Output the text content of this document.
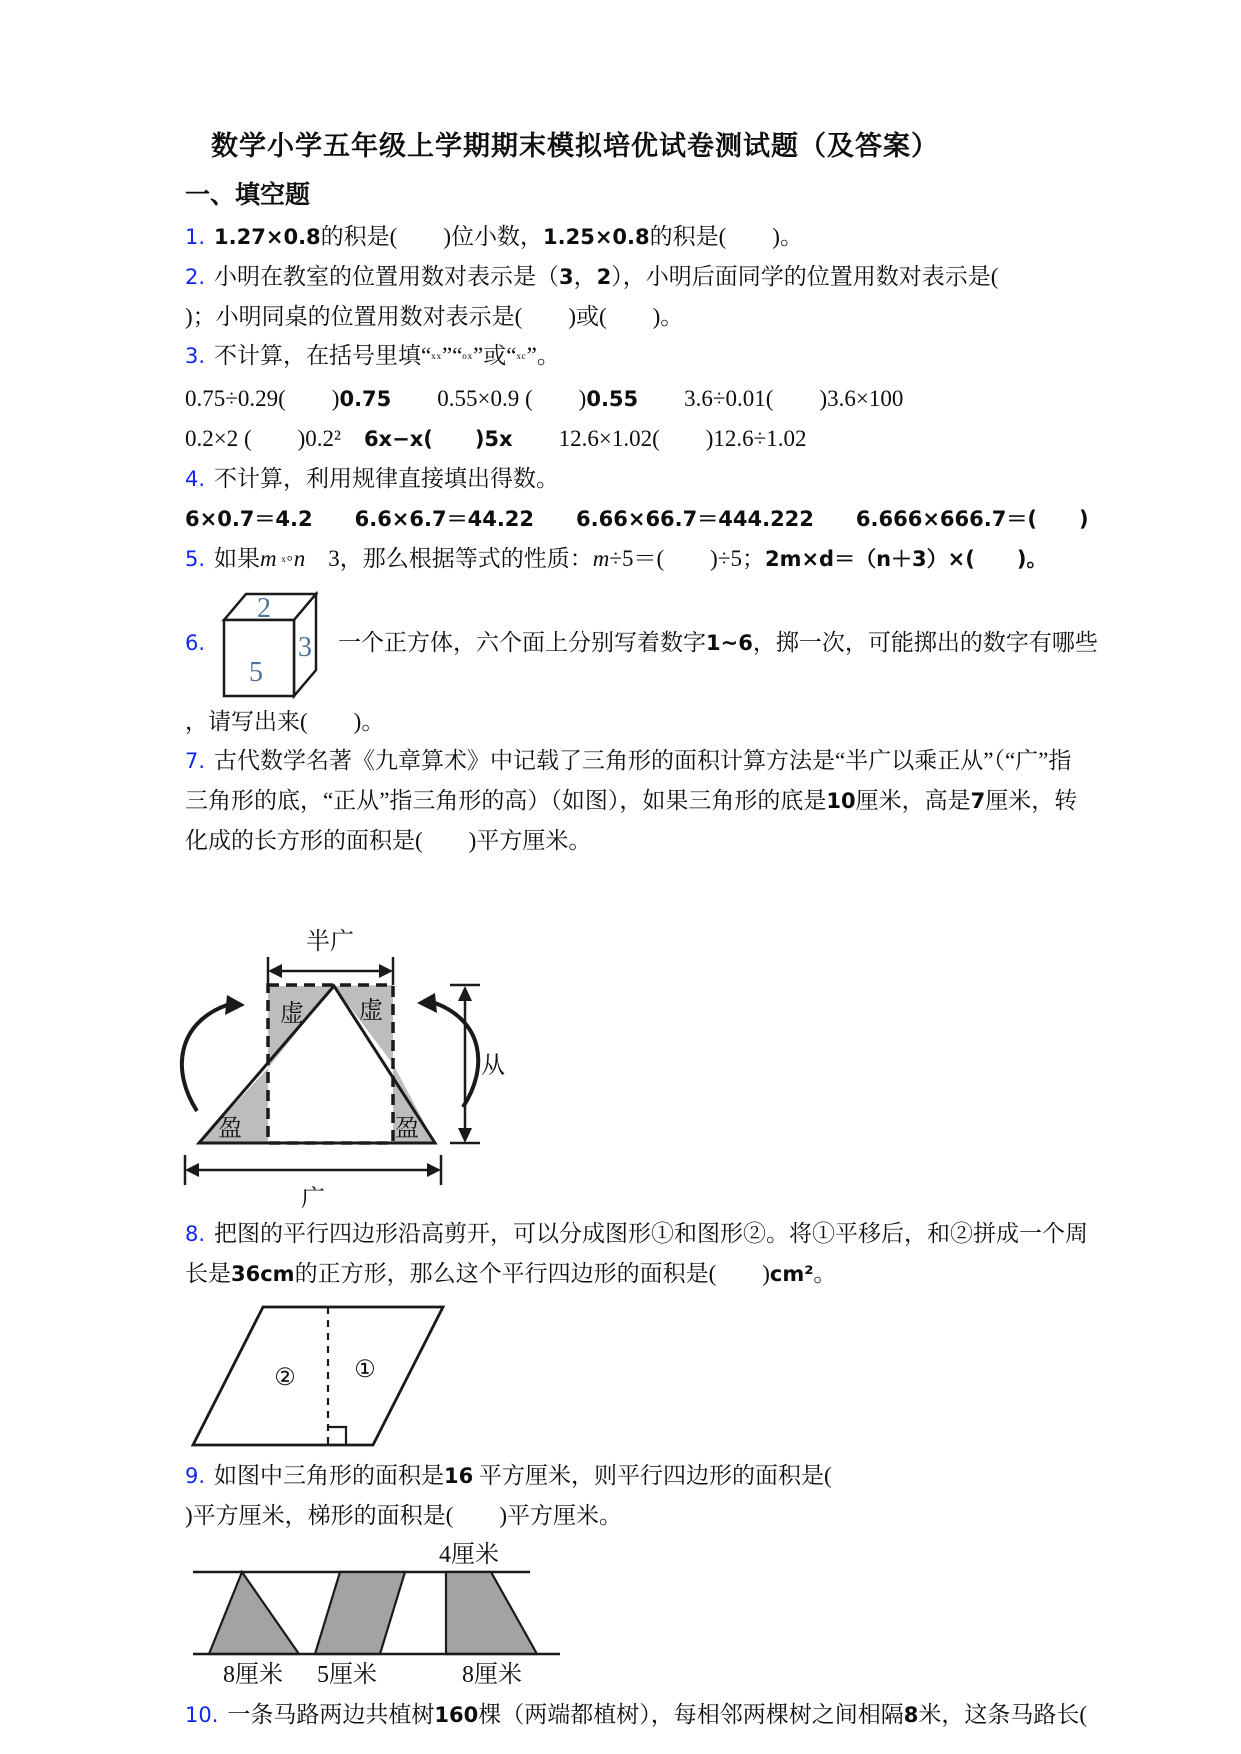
数学小学五年级上学期期末模拟培优试卷测试题（及答案）
一、填空题

1. 1.27×0.8的积是(　　)位小数，1.25×0.8的积是(　　)。

2. 小明在教室的位置用数对表示是（3，2），小明后面同学的位置用数对表示是(

)；小明同桌的位置用数对表示是(　　)或(　　)。

3. 不计算，在括号里填“ˣˣ”“ᵒˣ”或“ˣᶜ”。

0.75÷0.29(　　)0.75　　 0.55×0.9 (　　)0.55　　 3.6÷0.01(　　)3.6×100

0.2×2 (　　)0.2²　6x−x(　　)5x　　12.6×1.02(　　)12.6÷1.02

4. 不计算，利用规律直接填出得数。

6×0.7＝4.2　　6.6×6.7＝44.22　　6.66×66.7＝444.222　　6.666×666.7＝(　　)

5. 如果m ˣ°n　3，那么根据等式的性质：m÷5＝(　　)÷5；2m×d＝（n＋3）×(　　)。

6.
2
5
3 一个正方体，六个面上分别写着数字1~6，掷一次，可能掷出的数字有哪些

，请写出来(　　)。

7. 古代数学名著《九章算术》中记载了三角形的面积计算方法是“半广以乘正从”（“广”指

三角形的底，“正从”指三角形的高）（如图），如果三角形的底是10厘米，高是7厘米，转

化成的长方形的面积是(　　)平方厘米。

半广
虚 虚
盈	盈
从
广

8. 把图的平行四边形沿高剪开，可以分成图形①和图形②。将①平移后，和②拼成一个周

长是36cm的正方形，那么这个平行四边形的面积是(　　)cm²。

② ①

9. 如图中三角形的面积是16 平方厘米，则平行四边形的面积是(

)平方厘米，梯形的面积是(　　)平方厘米。

4厘米
8厘米 5厘米	8厘米

10. 一条马路两边共植树160棵（两端都植树），每相邻两棵树之间相隔8米，这条马路长(
